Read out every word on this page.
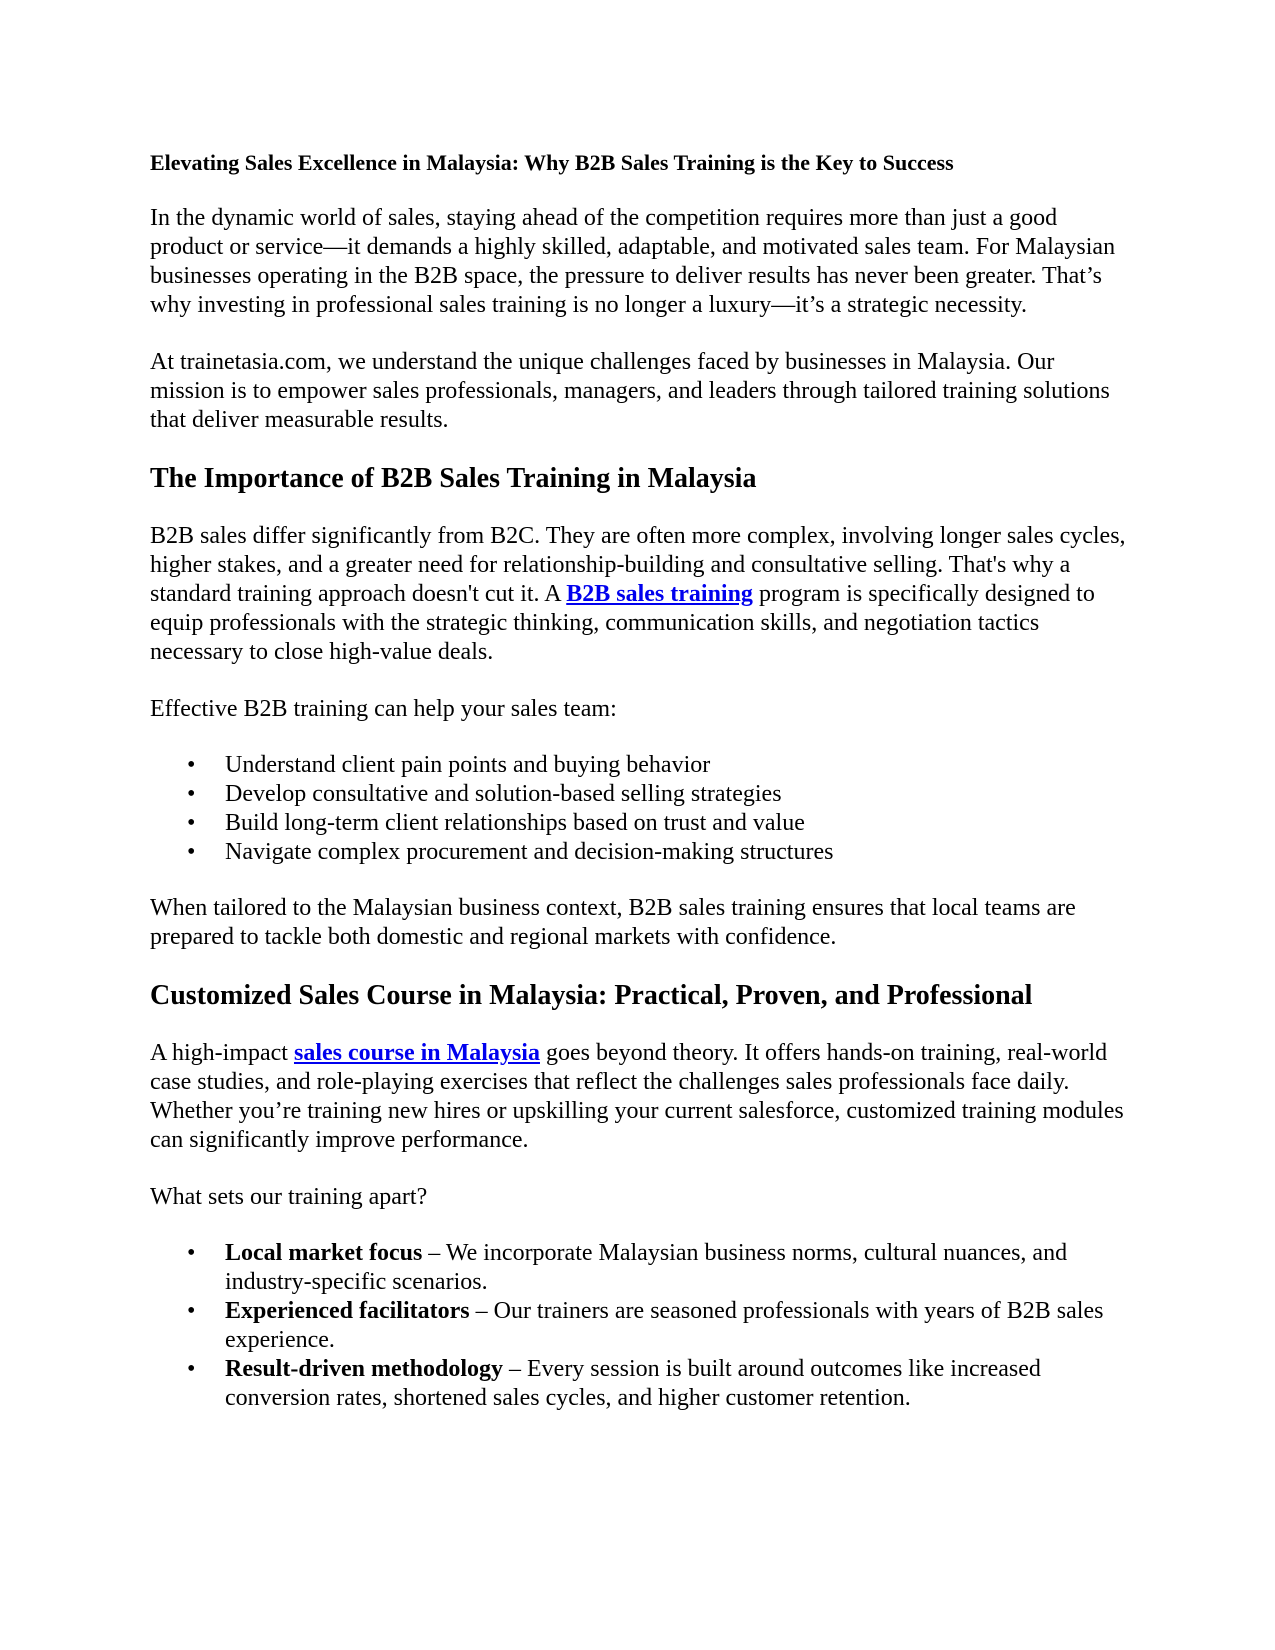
Elevating Sales Excellence in Malaysia: Why B2B Sales Training is the Key to Success

In the dynamic world of sales, staying ahead of the competition requires more than just a good product or service—it demands a highly skilled, adaptable, and motivated sales team. For Malaysian businesses operating in the B2B space, the pressure to deliver results has never been greater. That’s why investing in professional sales training is no longer a luxury—it’s a strategic necessity.

At trainetasia.com, we understand the unique challenges faced by businesses in Malaysia. Our mission is to empower sales professionals, managers, and leaders through tailored training solutions that deliver measurable results.

The Importance of B2B Sales Training in Malaysia

B2B sales differ significantly from B2C. They are often more complex, involving longer sales cycles, higher stakes, and a greater need for relationship-building and consultative selling. That's why a standard training approach doesn't cut it. A B2B sales training program is specifically designed to equip professionals with the strategic thinking, communication skills, and negotiation tactics necessary to close high-value deals.

Effective B2B training can help your sales team:

• Understand client pain points and buying behavior
• Develop consultative and solution-based selling strategies
• Build long-term client relationships based on trust and value
• Navigate complex procurement and decision-making structures

When tailored to the Malaysian business context, B2B sales training ensures that local teams are prepared to tackle both domestic and regional markets with confidence.

Customized Sales Course in Malaysia: Practical, Proven, and Professional

A high-impact sales course in Malaysia goes beyond theory. It offers hands-on training, real-world case studies, and role-playing exercises that reflect the challenges sales professionals face daily. Whether you’re training new hires or upskilling your current salesforce, customized training modules can significantly improve performance.

What sets our training apart?

• Local market focus – We incorporate Malaysian business norms, cultural nuances, and industry-specific scenarios.
• Experienced facilitators – Our trainers are seasoned professionals with years of B2B sales experience.
• Result-driven methodology – Every session is built around outcomes like increased conversion rates, shortened sales cycles, and higher customer retention.
